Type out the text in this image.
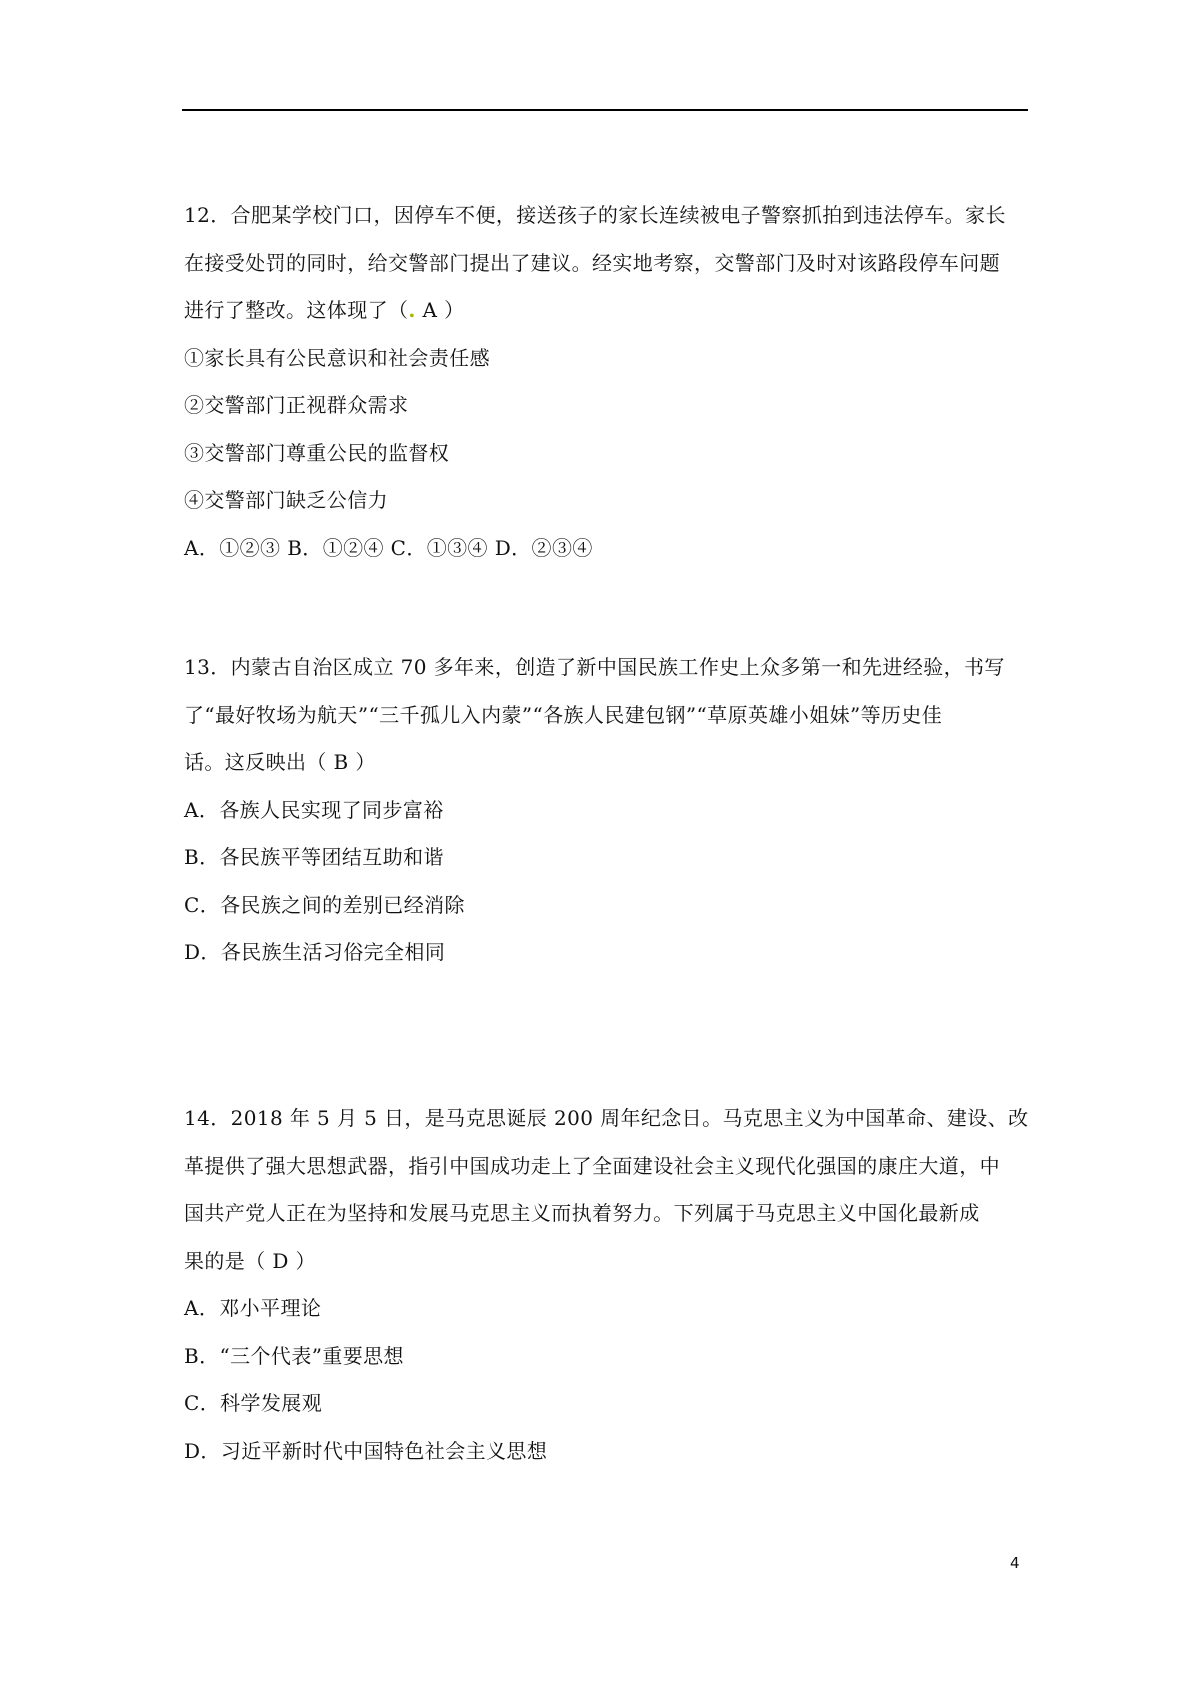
12．合肥某学校门口，因停车不便，接送孩子的家长连续被电子警察抓拍到违法停车。家长
在接受处罚的同时，给交警部门提出了建议。经实地考察，交警部门及时对该路段停车问题
进行了整改。这体现了（. A ）
①家长具有公民意识和社会责任感
②交警部门正视群众需求
③交警部门尊重公民的监督权
④交警部门缺乏公信力
A．①②③ B．①②④ C．①③④ D．②③④
13．内蒙古自治区成立 70 多年来，创造了新中国民族工作史上众多第一和先进经验，书写
了“最好牧场为航天”“三千孤儿入内蒙”“各族人民建包钢”“草原英雄小姐妹”等历史佳
话。这反映出（ B ）
A．各族人民实现了同步富裕
B．各民族平等团结互助和谐
C．各民族之间的差别已经消除
D．各民族生活习俗完全相同
14．2018 年 5 月 5 日，是马克思诞辰 200 周年纪念日。马克思主义为中国革命、建设、改
革提供了强大思想武器，指引中国成功走上了全面建设社会主义现代化强国的康庄大道，中
国共产党人正在为坚持和发展马克思主义而执着努力。下列属于马克思主义中国化最新成
果的是（ D ）
A．邓小平理论
B．“三个代表”重要思想
C．科学发展观
D．习近平新时代中国特色社会主义思想
4
